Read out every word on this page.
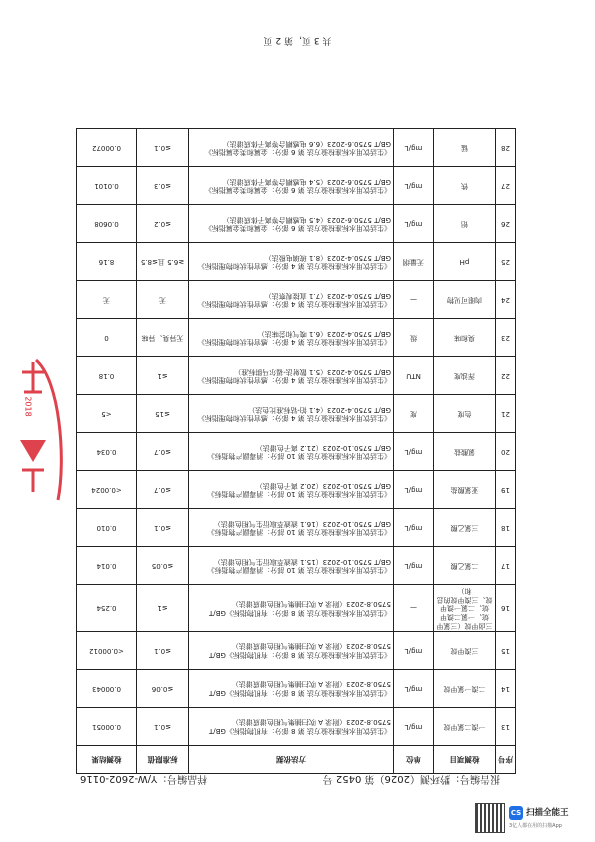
报告编号：黔环测（2026）第 0452 号
样品编号：Y/W-2602-0116
序号	检测项目	单位	方法依据	标准限值	检测结果
13	一溴二氯甲烷	mg/L	《生活饮用水标准检验方法 第 8 部分：有机物指标》GB/T 5750.8-2023（附录 A 吹扫捕集气相色谱质谱法）	≤0.1	0.00051
14	二溴一氯甲烷	mg/L	《生活饮用水标准检验方法 第 8 部分：有机物指标》GB/T 5750.8-2023（附录 A 吹扫捕集气相色谱质谱法）	≤0.06	0.00043
15	三溴甲烷	mg/L	《生活饮用水标准检验方法 第 8 部分：有机物指标》GB/T 5750.8-2023（附录 A 吹扫捕集气相色谱质谱法）	≤0.1	<0.00012
16	三卤甲烷（三氯甲烷、一氯二溴甲烷、二氯一溴甲烷、三溴甲烷的总和）	—	《生活饮用水标准检验方法 第 8 部分：有机物指标》GB/T 5750.8-2023（附录 A 吹扫捕集气相色谱质谱法）	≤1	0.254
17	二氯乙酸	mg/L	《生活饮用水标准检验方法 第 10 部分：消毒副产物指标》GB/T 5750.10-2023（15.1 液液萃取衍生气相色谱法）	≤0.05	0.014
18	三氯乙酸	mg/L	《生活饮用水标准检验方法 第 10 部分：消毒副产物指标》GB/T 5750.10-2023（16.1 液液萃取衍生气相色谱法）	≤0.1	0.010
19	亚氯酸盐	mg/L	《生活饮用水标准检验方法 第 10 部分：消毒副产物指标》GB/T 5750.10-2023（20.2 离子色谱法）	≤0.7	<0.0024
20	氯酸盐	mg/L	《生活饮用水标准检验方法 第 10 部分：消毒副产物指标》GB/T 5750.10-2023（21.2 离子色谱法）	≤0.7	0.034
21	色度	度	《生活饮用水标准检验方法 第 4 部分：感官性状和物理指标》GB/T 5750.4-2023（4.1 铂-钴标准比色法）	≤15	<5
22	浑浊度	NTU	《生活饮用水标准检验方法 第 4 部分：感官性状和物理指标》GB/T 5750.4-2023（5.1 散射法-福尔马肼标准）	≤1	0.18
23	臭和味	级	《生活饮用水标准检验方法 第 4 部分：感官性状和物理指标》GB/T 5750.4-2023（6.1 嗅气和尝味法）	无异臭、异味	0
24	肉眼可见物	—	《生活饮用水标准检验方法 第 4 部分：感官性状和物理指标》GB/T 5750.4-2023（7.1 直接观察法）	无	无
25	pH	无量纲	《生活饮用水标准检验方法 第 4 部分：感官性状和物理指标》GB/T 5750.4-2023（8.1 玻璃电极法）	≥6.5 且≤8.5	8.16
26	铝	mg/L	《生活饮用水标准检验方法 第 6 部分：金属和类金属指标》GB/T 5750.6-2023（4.5 电感耦合等离子体质谱法）	≤0.2	0.0608
27	铁	mg/L	《生活饮用水标准检验方法 第 6 部分：金属和类金属指标》GB/T 5750.6-2023（5.4 电感耦合等离子体质谱法）	≤0.3	0.0101
28	锰	mg/L	《生活饮用水标准检验方法 第 6 部分：金属和类金属指标》GB/T 5750.6-2023（6.6 电感耦合等离子体质谱法）	≤0.1	0.00072
共 3 页，第 2 页
2018
CS 扫描全能王
3亿人都在用的扫描App
